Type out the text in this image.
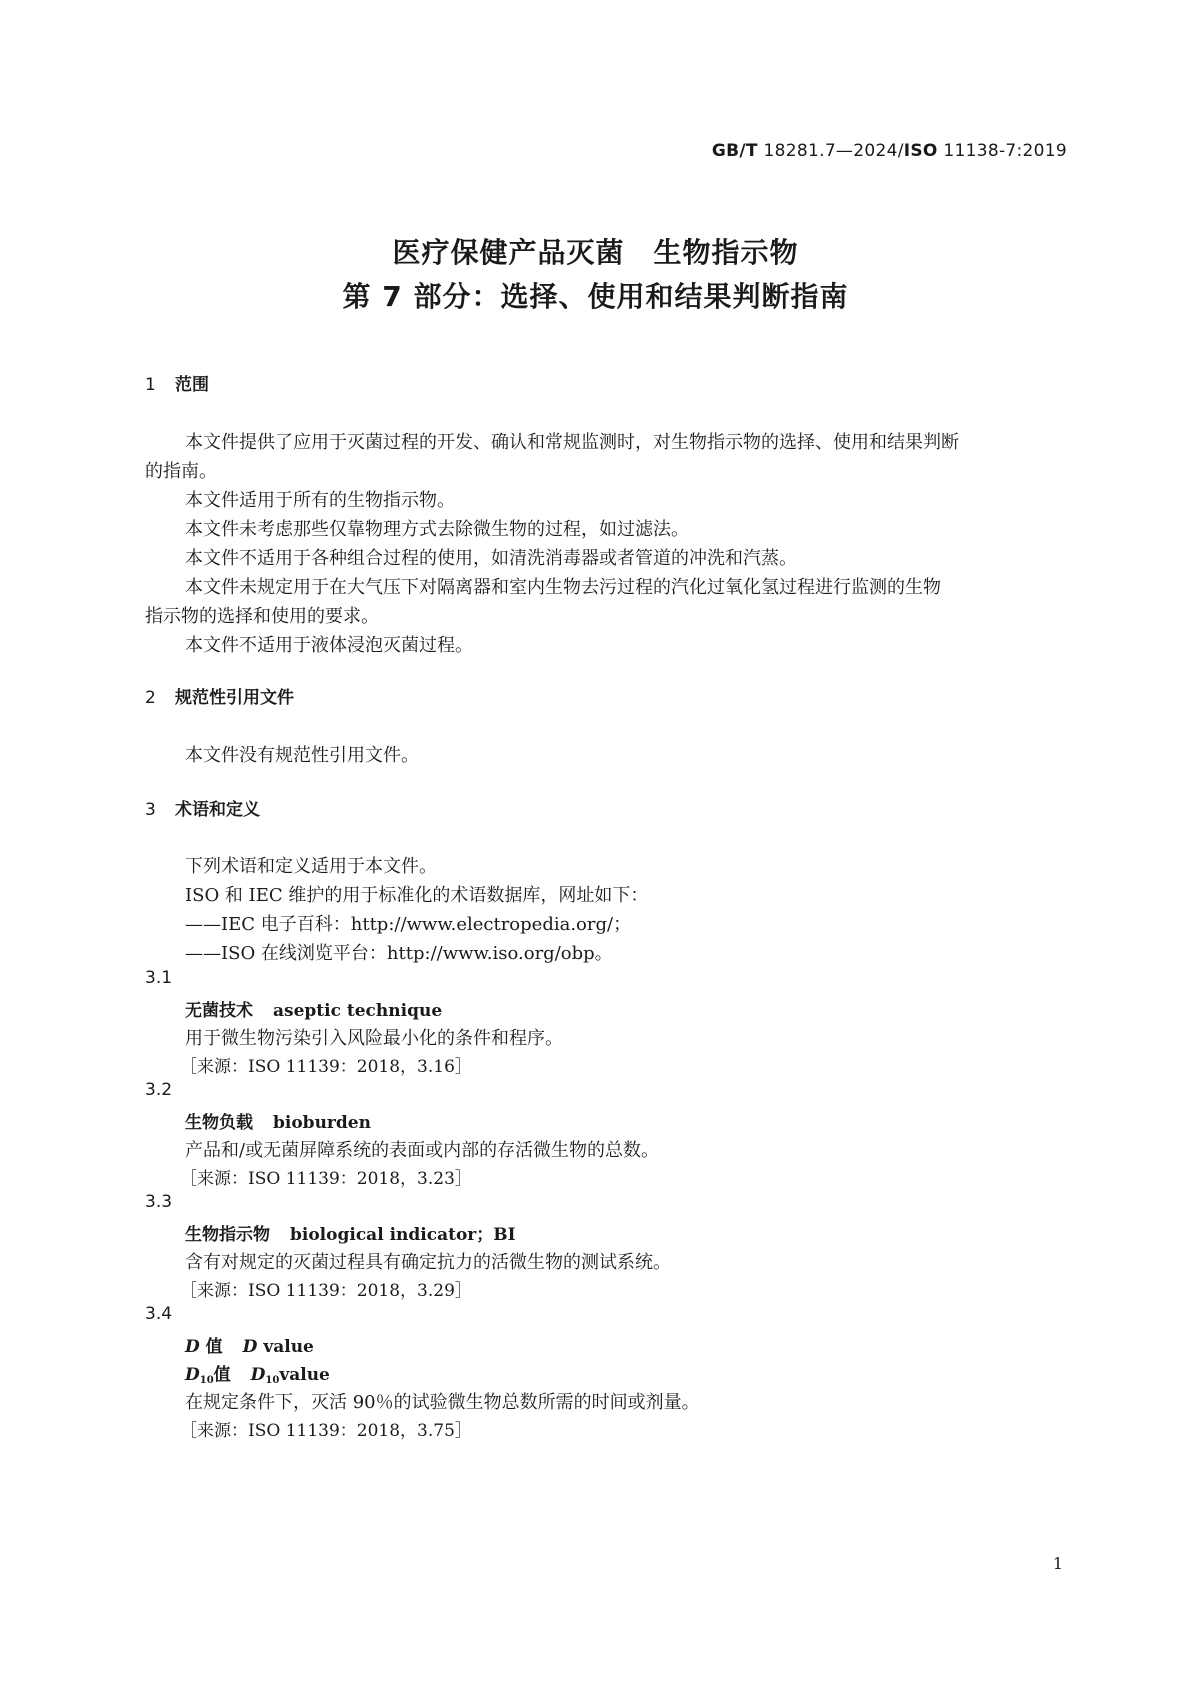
GB/T 18281.7—2024/ISO 11138-7:2019
医疗保健产品灭菌　生物指示物
第 7 部分：选择、使用和结果判断指南
1 范围
本文件提供了应用于灭菌过程的开发、确认和常规监测时，对生物指示物的选择、使用和结果判断
的指南。
本文件适用于所有的生物指示物。
本文件未考虑那些仅靠物理方式去除微生物的过程，如过滤法。
本文件不适用于各种组合过程的使用，如清洗消毒器或者管道的冲洗和汽蒸。
本文件未规定用于在大气压下对隔离器和室内生物去污过程的汽化过氧化氢过程进行监测的生物
指示物的选择和使用的要求。
本文件不适用于液体浸泡灭菌过程。
2 规范性引用文件
本文件没有规范性引用文件。
3 术语和定义
下列术语和定义适用于本文件。
ISO 和 IEC 维护的用于标准化的术语数据库，网址如下：
——IEC 电子百科：http://www.electropedia.org/；
——ISO 在线浏览平台：http://www.iso.org/obp。
3.1
无菌技术 aseptic technique
用于微生物污染引入风险最小化的条件和程序。
［来源：ISO 11139：2018，3.16］
3.2
生物负载 bioburden
产品和/或无菌屏障系统的表面或内部的存活微生物的总数。
［来源：ISO 11139：2018，3.23］
3.3
生物指示物 biological indicator；BI
含有对规定的灭菌过程具有确定抗力的活微生物的测试系统。
［来源：ISO 11139：2018，3.29］
3.4
D 值 D value
$D_{10}$值 $D_{10}value$
在规定条件下，灭活 90％的试验微生物总数所需的时间或剂量。
［来源：ISO 11139：2018，3.75］
1
